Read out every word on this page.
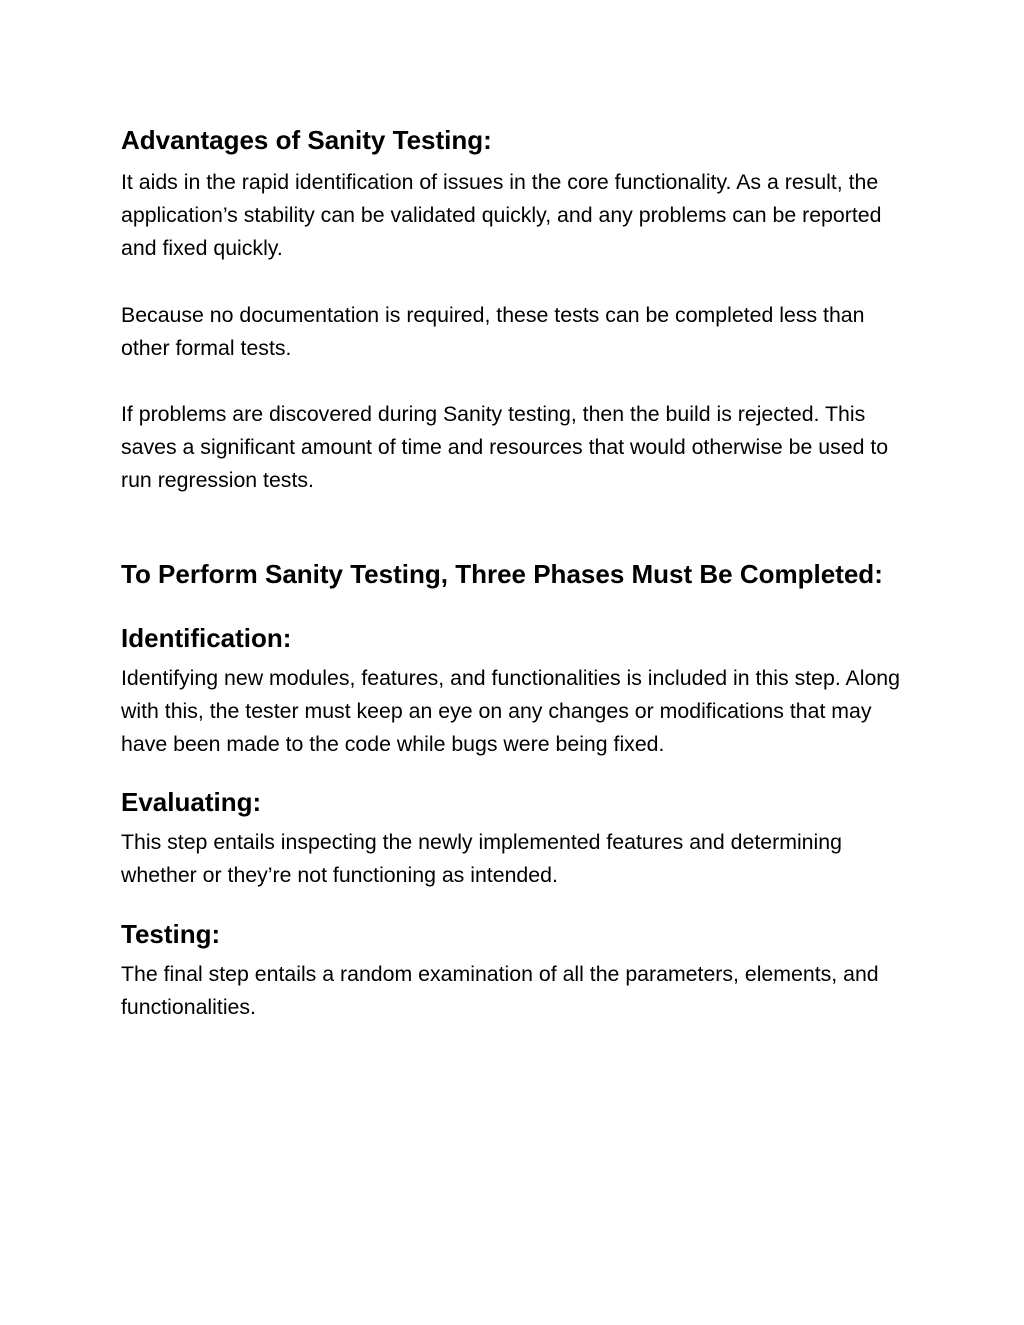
Advantages of Sanity Testing:

It aids in the rapid identification of issues in the core functionality. As a result, the application’s stability can be validated quickly, and any problems can be reported and fixed quickly.

Because no documentation is required, these tests can be completed less than other formal tests.

If problems are discovered during Sanity testing, then the build is rejected. This saves a significant amount of time and resources that would otherwise be used to run regression tests.

To Perform Sanity Testing, Three Phases Must Be Completed:
Identification:

Identifying new modules, features, and functionalities is included in this step. Along with this, the tester must keep an eye on any changes or modifications that may have been made to the code while bugs were being fixed.

Evaluating:

This step entails inspecting the newly implemented features and determining whether or they’re not functioning as intended.

Testing:

The final step entails a random examination of all the parameters, elements, and functionalities.
